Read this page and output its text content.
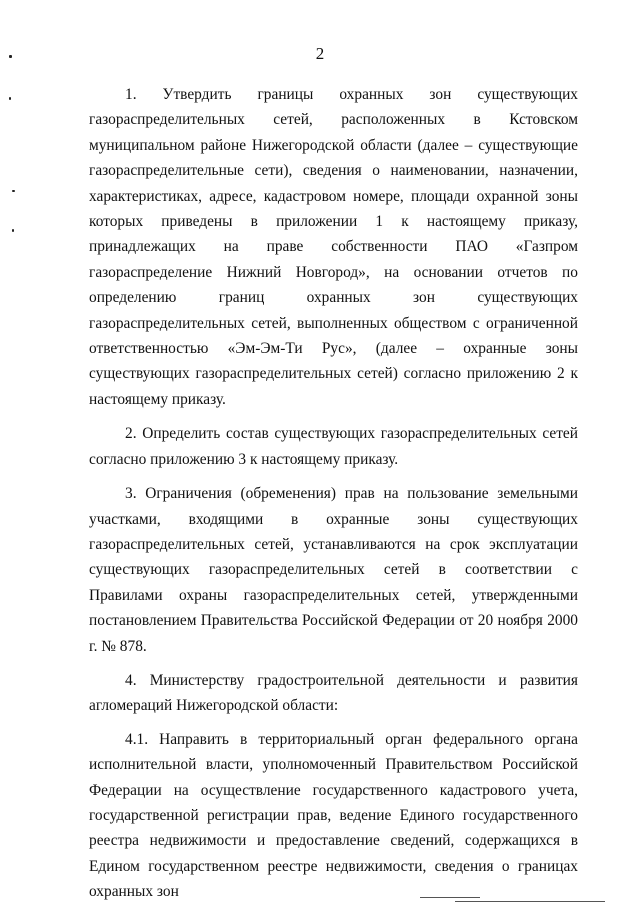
2

1. Утвердить границы охранных зон существующих газораспределительных сетей, расположенных в Кстовском муниципальном районе Нижегородской области (далее – существующие газораспределительные сети), сведения о наименовании, назначении, характеристиках, адресе, кадастровом номере, площади охранной зоны которых приведены в приложении 1 к настоящему приказу, принадлежащих на праве собственности ПАО «Газпром газораспределение Нижний Новгород», на основании отчетов по определению границ охранных зон существующих газораспределительных сетей, выполненных обществом с ограниченной ответственностью «Эм-Эм-Ти Рус», (далее – охранные зоны существующих газораспределительных сетей) согласно приложению 2 к настоящему приказу.

2. Определить состав существующих газораспределительных сетей согласно приложению 3 к настоящему приказу.

3. Ограничения (обременения) прав на пользование земельными участками, входящими в охранные зоны существующих газораспределительных сетей, устанавливаются на срок эксплуатации существующих газораспределительных сетей в соответствии с Правилами охраны газораспределительных сетей, утвержденными постановлением Правительства Российской Федерации от 20 ноября 2000 г. № 878.

4. Министерству градостроительной деятельности и развития агломераций Нижегородской области:

4.1. Направить в территориальный орган федерального органа исполнительной власти, уполномоченный Правительством Российской Федерации на осуществление государственного кадастрового учета, государственной регистрации прав, ведение Единого государственного реестра недвижимости и предоставление сведений, содержащихся в Едином государственном реестре недвижимости, сведения о границах охранных зон
